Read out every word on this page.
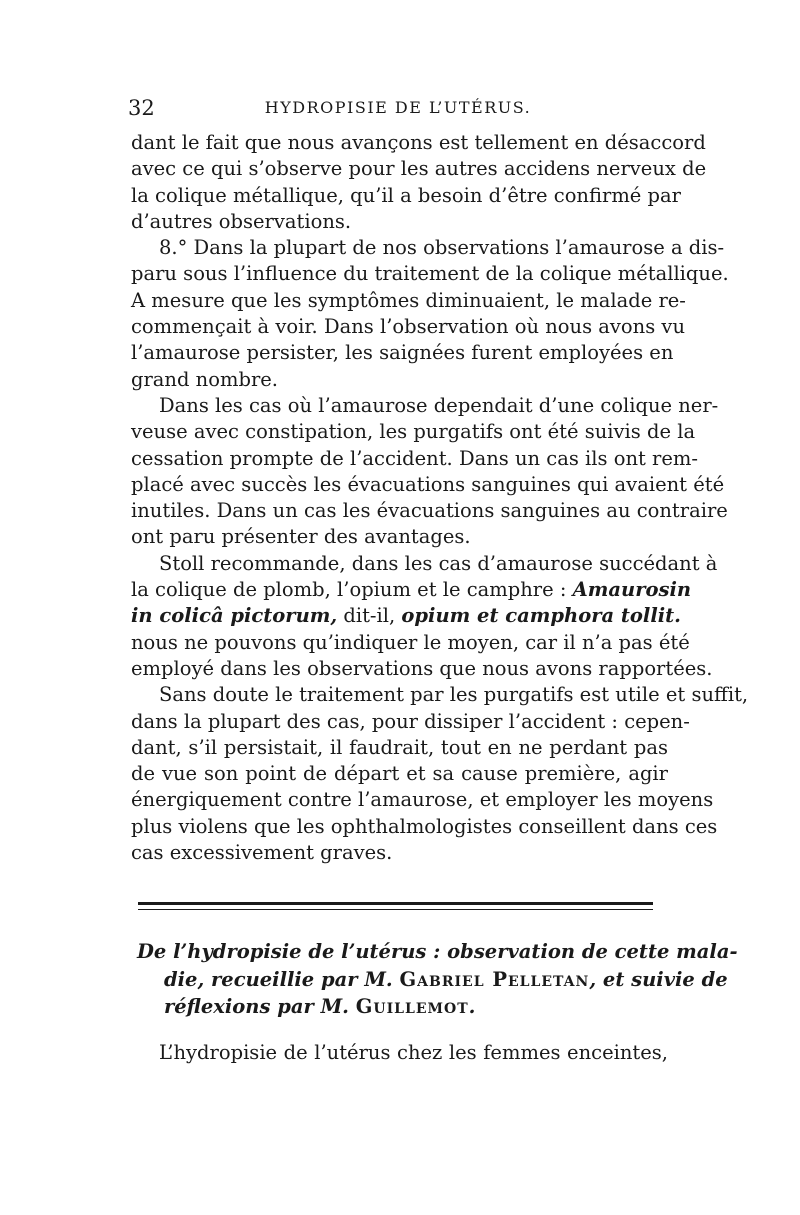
32	HYDROPISIE DE L’UTÉRUS.
dant le fait que nous avançons est tellement en désaccord
avec ce qui s’observe pour les autres accidens nerveux de
la colique métallique, qu’il a besoin d’être confirmé par
d’autres observations.
8.° Dans la plupart de nos observations l’amaurose a dis-
paru sous l’influence du traitement de la colique métallique.
A mesure que les symptômes diminuaient, le malade re-
commençait à voir. Dans l’observation où nous avons vu
l’amaurose persister, les saignées furent employées en
grand nombre.
Dans les cas où l’amaurose dependait d’une colique ner-
veuse avec constipation, les purgatifs ont été suivis de la
cessation prompte de l’accident. Dans un cas ils ont rem-
placé avec succès les évacuations sanguines qui avaient été
inutiles. Dans un cas les évacuations sanguines au contraire
ont paru présenter des avantages.
Stoll recommande, dans les cas d’amaurose succédant à
la colique de plomb, l’opium et le camphre : Amaurosin
in colicâ pictorum, dit-il, opium et camphora tollit.
nous ne pouvons qu’indiquer le moyen, car il n’a pas été
employé dans les observations que nous avons rapportées.
Sans doute le traitement par les purgatifs est utile et suffit,
dans la plupart des cas, pour dissiper l’accident : cepen-
dant, s’il persistait, il faudrait, tout en ne perdant pas
de vue son point de départ et sa cause première, agir
énergiquement contre l’amaurose, et employer les moyens
plus violens que les ophthalmologistes conseillent dans ces
cas excessivement graves.
De l’hydropisie de l’utérus : observation de cette mala-
die, recueillie par M. Gabriel Pelletan, et suivie de
réflexions par M. Guillemot.
L’hydropisie de l’utérus chez les femmes enceintes,
